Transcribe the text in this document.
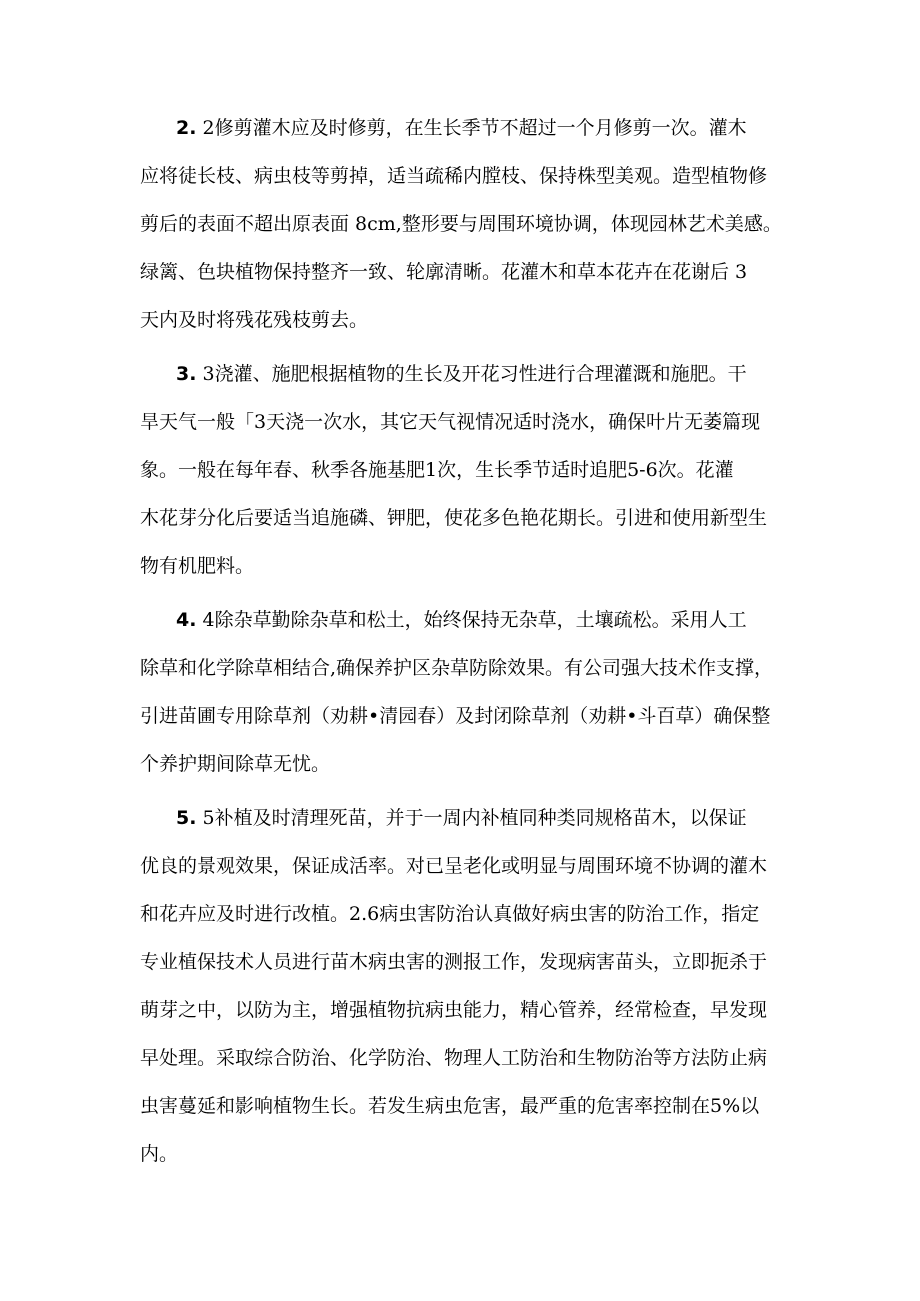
2. 2修剪灌木应及时修剪，在生长季节不超过一个月修剪一次。灌木
应将徒长枝、病虫枝等剪掉，适当疏稀内膛枝、保持株型美观。造型植物修
剪后的表面不超出原表面 8cm,整形要与周围环境协调，体现园林艺术美感。
绿篱、色块植物保持整齐一致、轮廓清晰。花灌木和草本花卉在花谢后 3
天内及时将残花残枝剪去。
3. 3浇灌、施肥根据植物的生长及开花习性进行合理灌溉和施肥。干
旱天气一般「3天浇一次水，其它天气视情况适时浇水，确保叶片无萎篇现
象。一般在每年春、秋季各施基肥1次，生长季节适时追肥5-6次。花灌
木花芽分化后要适当追施磷、钾肥，使花多色艳花期长。引进和使用新型生
物有机肥料。
4. 4除杂草勤除杂草和松土，始终保持无杂草，土壤疏松。采用人工
除草和化学除草相结合,确保养护区杂草防除效果。有公司强大技术作支撑，
引进苗圃专用除草剂（劝耕•清园春）及封闭除草剂（劝耕•斗百草）确保整
个养护期间除草无忧。
5. 5补植及时清理死苗，并于一周内补植同种类同规格苗木，以保证
优良的景观效果，保证成活率。对已呈老化或明显与周围环境不协调的灌木
和花卉应及时进行改植。2.6病虫害防治认真做好病虫害的防治工作，指定
专业植保技术人员进行苗木病虫害的测报工作，发现病害苗头，立即扼杀于
萌芽之中，以防为主，增强植物抗病虫能力，精心管养，经常检查，早发现
早处理。采取综合防治、化学防治、物理人工防治和生物防治等方法防止病
虫害蔓延和影响植物生长。若发生病虫危害，最严重的危害率控制在5%以
内。
